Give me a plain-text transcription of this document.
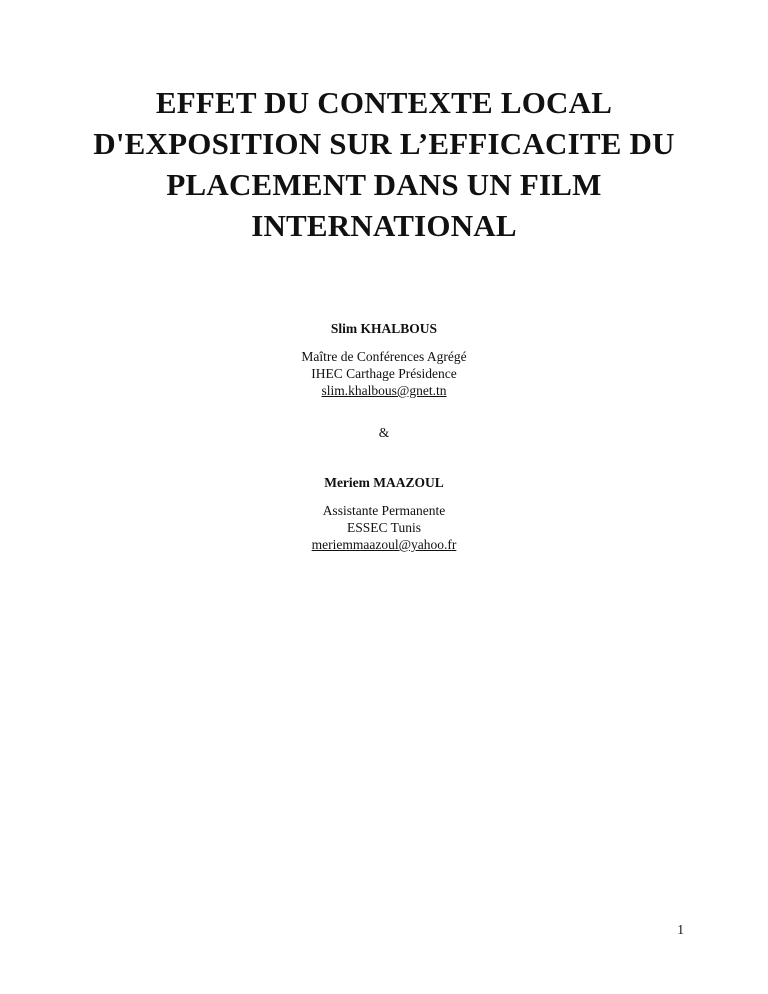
EFFET DU CONTEXTE LOCAL
D'EXPOSITION SUR L’EFFICACITE DU
PLACEMENT DANS UN FILM
INTERNATIONAL
Slim KHALBOUS
Maître de Conférences Agrégé
IHEC Carthage Présidence
slim.khalbous@gnet.tn
&
Meriem MAAZOUL
Assistante Permanente
ESSEC Tunis
meriemmaazoul@yahoo.fr
1
